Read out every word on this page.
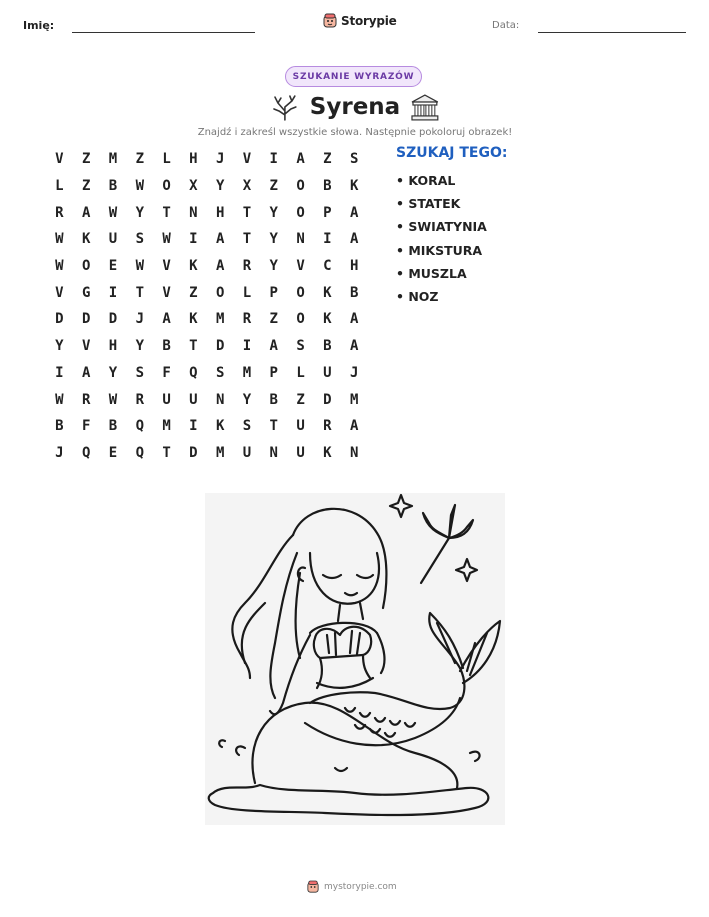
Imię:	Storypie	Data:
SZUKANIE WYRAZÓW
Syrena
Znajdź i zakreśl wszystkie słowa. Następnie pokoloruj obrazek!
V	Z	M	Z	L	H	J	V	I	A	Z	S
L	Z	B	W	O	X	Y	X	Z	O	B	K
R	A	W	Y	T	N	H	T	Y	O	P	A
W	K	U	S	W	I	A	T	Y	N	I	A
W	O	E	W	V	K	A	R	Y	V	C	H
V	G	I	T	V	Z	O	L	P	O	K	B
D	D	D	J	A	K	M	R	Z	O	K	A
Y	V	H	Y	B	T	D	I	A	S	B	A
I	A	Y	S	F	Q	S	M	P	L	U	J
W	R	W	R	U	U	N	Y	B	Z	D	M
B	F	B	Q	M	I	K	S	T	U	R	A
J	Q	E	Q	T	D	M	U	N	U	K	N
SZUKAJ TEGO:
• KORAL
• STATEK
• SWIATYNIA
• MIKSTURA
• MUSZLA
• NOZ
mystorypie.com
